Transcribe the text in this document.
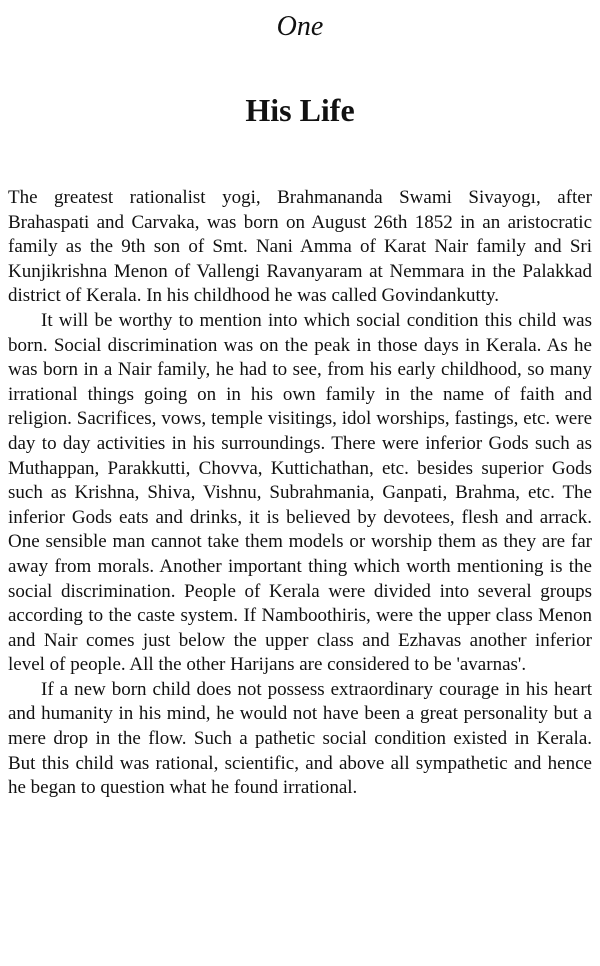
One
His Life

The greatest rationalist yogi, Brahmananda Swami Sivayogı, after Brahaspati and Carvaka, was born on August 26th 1852 in an aristocratic family as the 9th son of Smt. Nani Amma of Karat Nair family and Sri Kunjikrishna Menon of Vallengi Ravanyaram at Nemmara in the Palakkad district of Kerala. In his childhood he was called Govindankutty.

It will be worthy to mention into which social condition this child was born. Social discrimination was on the peak in those days in Kerala. As he was born in a Nair family, he had to see, from his early childhood, so many irrational things going on in his own family in the name of faith and religion. Sacrifices, vows, temple visitings, idol worships, fastings, etc. were day to day activities in his surroundings. There were inferior Gods such as Muthappan, Parakkutti, Chovva, Kuttichathan, etc. besides superior Gods such as Krishna, Shiva, Vishnu, Subrahmania, Ganpati, Brahma, etc. The inferior Gods eats and drinks, it is believed by devotees, flesh and arrack. One sensible man cannot take them models or worship them as they are far away from morals. Another important thing which worth mentioning is the social discrimination. People of Kerala were divided into several groups according to the caste system. If Namboothiris, were the upper class Menon and Nair comes just below the upper class and Ezhavas another inferior level of people. All the other Harijans are considered to be 'avarnas'.

If a new born child does not possess extraordinary courage in his heart and humanity in his mind, he would not have been a great personality but a mere drop in the flow. Such a pathetic social condition existed in Kerala. But this child was rational, scientific, and above all sympathetic and hence he began to question what he found irrational.
